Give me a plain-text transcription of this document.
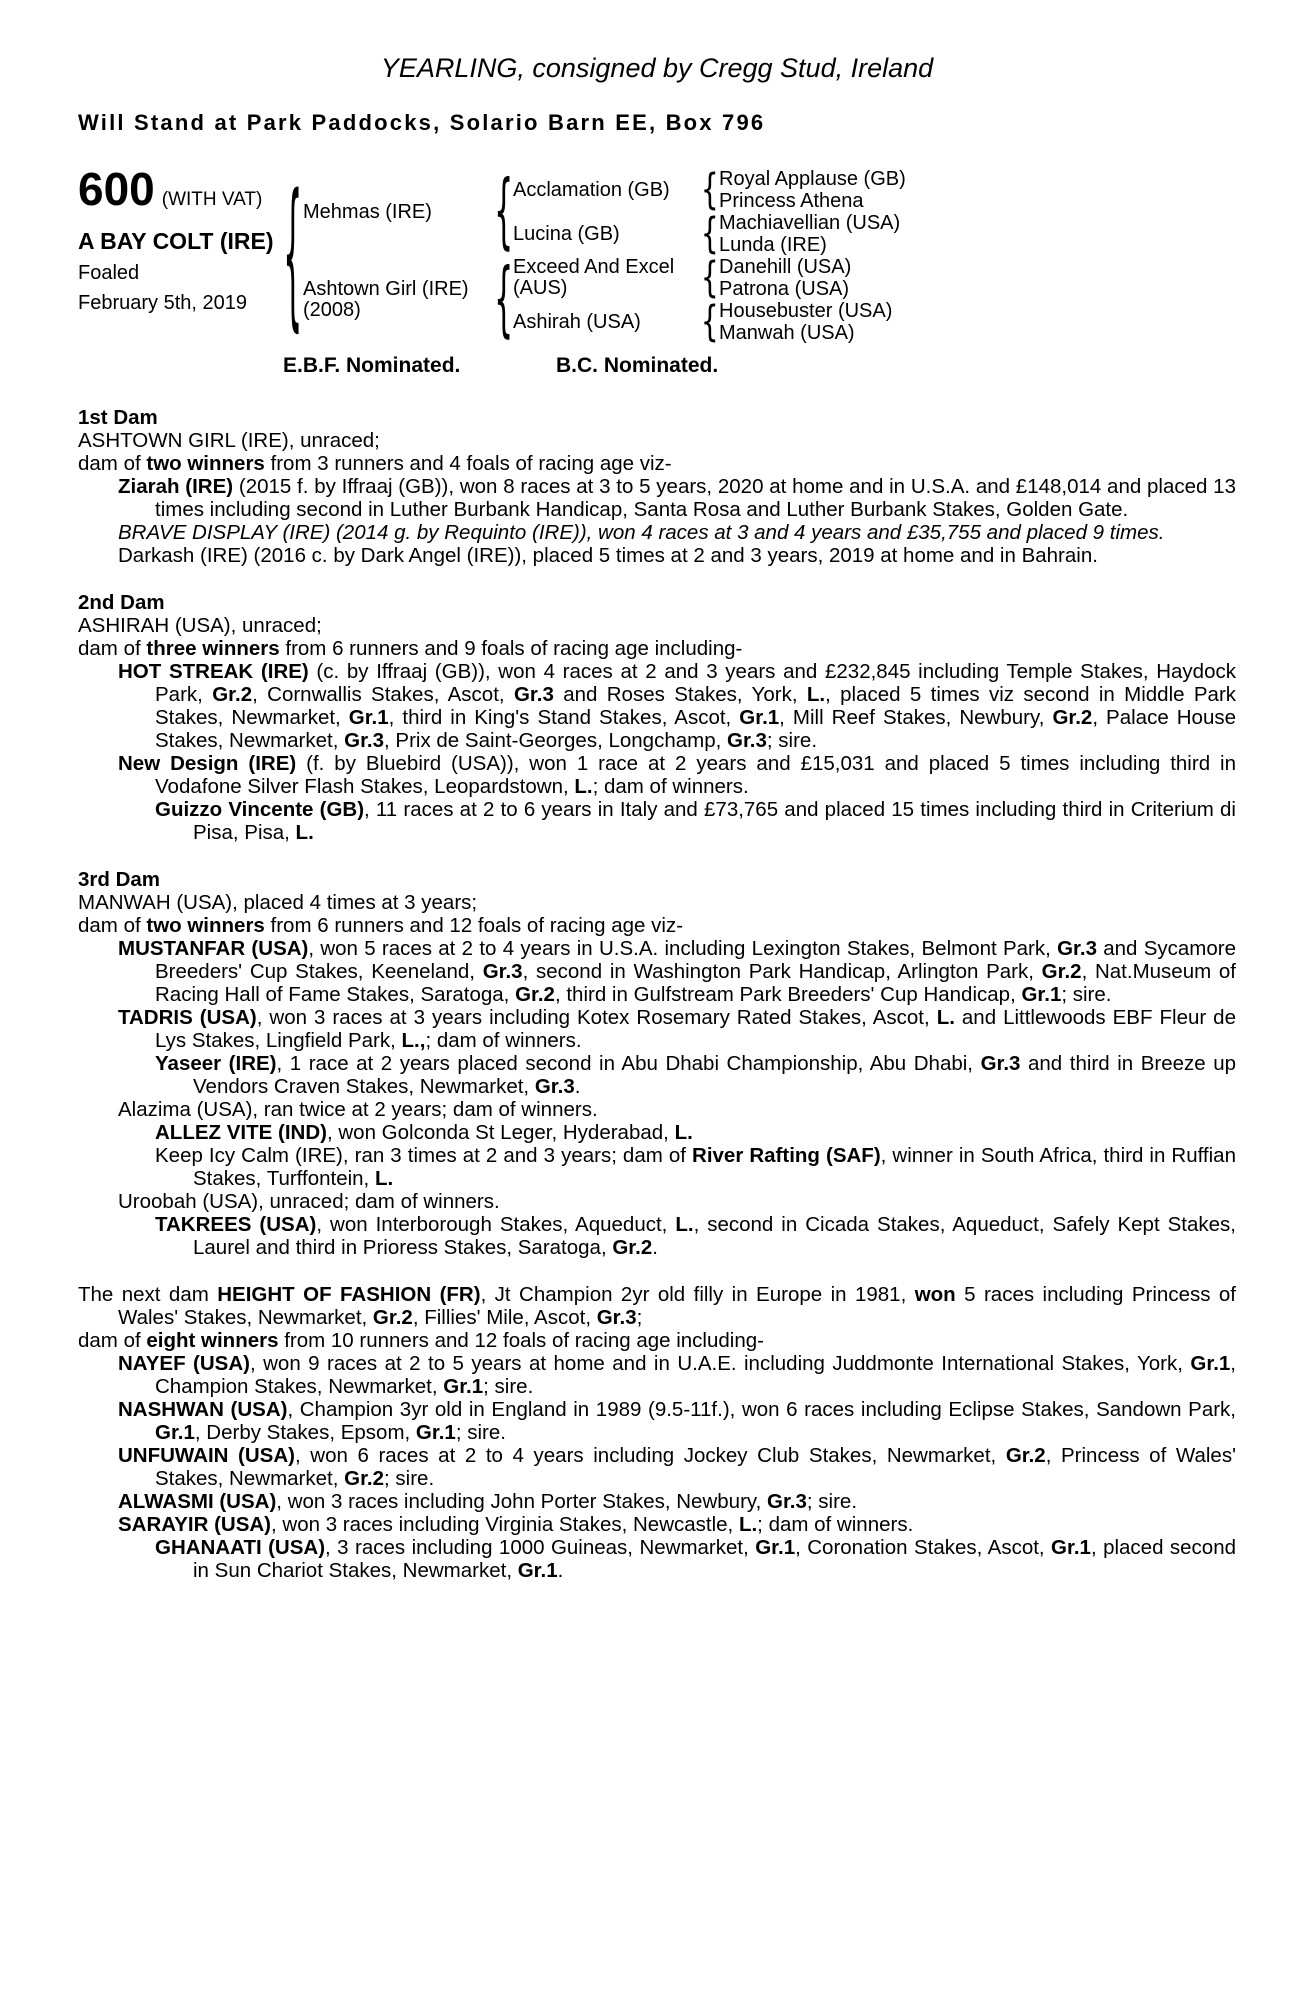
YEARLING, consigned by Cregg Stud, Ireland
Will Stand at Park Paddocks, Solario Barn EE, Box 796
600 (WITH VAT)
A BAY COLT (IRE)
Foaled
February 5th, 2019 { Mehmas (IRE)
Ashtown Girl (IRE)
(2008)
{
{
Acclamation (GB)
Lucina (GB)
Exceed And Excel (AUS)
Ashirah (USA)
{
{
{
{
Royal Applause (GB)
Princess Athena
Machiavellian (USA)
Lunda (IRE)
Danehill (USA)
Patrona (USA)
Housebuster (USA)
Manwah (USA)
E.B.F. Nominated.	B.C. Nominated.
1st Dam

ASHTOWN GIRL (IRE), unraced;

dam of two winners from 3 runners and 4 foals of racing age viz-

Ziarah (IRE) (2015 f. by Iffraaj (GB)), won 8 races at 3 to 5 years, 2020 at home and in U.S.A. and £148,014 and placed 13 times including second in Luther Burbank Handicap, Santa Rosa and Luther Burbank Stakes, Golden Gate.

BRAVE DISPLAY (IRE) (2014 g. by Requinto (IRE)), won 4 races at 3 and 4 years and £35,755 and placed 9 times.

Darkash (IRE) (2016 c. by Dark Angel (IRE)), placed 5 times at 2 and 3 years, 2019 at home and in Bahrain.

2nd Dam

ASHIRAH (USA), unraced;

dam of three winners from 6 runners and 9 foals of racing age including-

HOT STREAK (IRE) (c. by Iffraaj (GB)), won 4 races at 2 and 3 years and £232,845 including Temple Stakes, Haydock Park, Gr.2, Cornwallis Stakes, Ascot, Gr.3 and Roses Stakes, York, L., placed 5 times viz second in Middle Park Stakes, Newmarket, Gr.1, third in King's Stand Stakes, Ascot, Gr.1, Mill Reef Stakes, Newbury, Gr.2, Palace House Stakes, Newmarket, Gr.3, Prix de Saint-Georges, Longchamp, Gr.3; sire.

New Design (IRE) (f. by Bluebird (USA)), won 1 race at 2 years and £15,031 and placed 5 times including third in Vodafone Silver Flash Stakes, Leopardstown, L.; dam of winners.

Guizzo Vincente (GB), 11 races at 2 to 6 years in Italy and £73,765 and placed 15 times including third in Criterium di Pisa, Pisa, L.

3rd Dam

MANWAH (USA), placed 4 times at 3 years;

dam of two winners from 6 runners and 12 foals of racing age viz-

MUSTANFAR (USA), won 5 races at 2 to 4 years in U.S.A. including Lexington Stakes, Belmont Park, Gr.3 and Sycamore Breeders' Cup Stakes, Keeneland, Gr.3, second in Washington Park Handicap, Arlington Park, Gr.2, Nat.Museum of Racing Hall of Fame Stakes, Saratoga, Gr.2, third in Gulfstream Park Breeders' Cup Handicap, Gr.1; sire.

TADRIS (USA), won 3 races at 3 years including Kotex Rosemary Rated Stakes, Ascot, L. and Littlewoods EBF Fleur de Lys Stakes, Lingfield Park, L.,; dam of winners.

Yaseer (IRE), 1 race at 2 years placed second in Abu Dhabi Championship, Abu Dhabi, Gr.3 and third in Breeze up Vendors Craven Stakes, Newmarket, Gr.3.

Alazima (USA), ran twice at 2 years; dam of winners.

ALLEZ VITE (IND), won Golconda St Leger, Hyderabad, L.

Keep Icy Calm (IRE), ran 3 times at 2 and 3 years; dam of River Rafting (SAF), winner in South Africa, third in Ruffian Stakes, Turffontein, L.

Uroobah (USA), unraced; dam of winners.

TAKREES (USA), won Interborough Stakes, Aqueduct, L., second in Cicada Stakes, Aqueduct, Safely Kept Stakes, Laurel and third in Prioress Stakes, Saratoga, Gr.2.

The next dam HEIGHT OF FASHION (FR), Jt Champion 2yr old filly in Europe in 1981, won 5 races including Princess of Wales' Stakes, Newmarket, Gr.2, Fillies' Mile, Ascot, Gr.3;

dam of eight winners from 10 runners and 12 foals of racing age including-

NAYEF (USA), won 9 races at 2 to 5 years at home and in U.A.E. including Juddmonte International Stakes, York, Gr.1, Champion Stakes, Newmarket, Gr.1; sire.

NASHWAN (USA), Champion 3yr old in England in 1989 (9.5-11f.), won 6 races including Eclipse Stakes, Sandown Park, Gr.1, Derby Stakes, Epsom, Gr.1; sire.

UNFUWAIN (USA), won 6 races at 2 to 4 years including Jockey Club Stakes, Newmarket, Gr.2, Princess of Wales' Stakes, Newmarket, Gr.2; sire.

ALWASMI (USA), won 3 races including John Porter Stakes, Newbury, Gr.3; sire.

SARAYIR (USA), won 3 races including Virginia Stakes, Newcastle, L.; dam of winners.

GHANAATI (USA), 3 races including 1000 Guineas, Newmarket, Gr.1, Coronation Stakes, Ascot, Gr.1, placed second in Sun Chariot Stakes, Newmarket, Gr.1.
